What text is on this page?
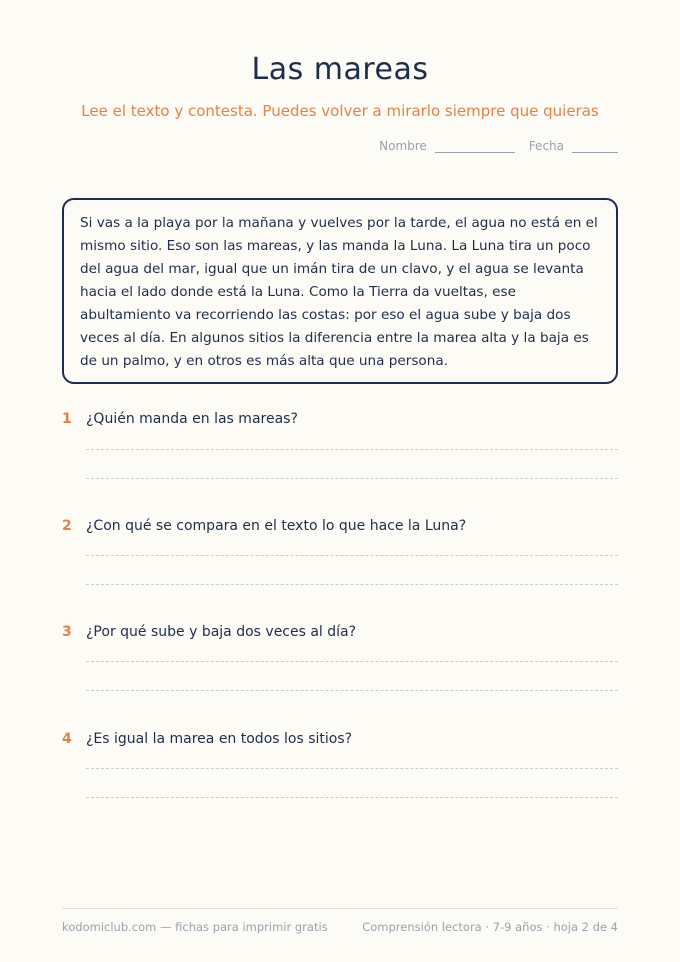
Las mareas
Lee el texto y contesta. Puedes volver a mirarlo siempre que quieras
Nombre	Fecha
Si vas a la playa por la mañana y vuelves por la tarde, el agua no está en el mismo sitio. Eso son las mareas, y las manda la Luna. La Luna tira un poco del agua del mar, igual que un imán tira de un clavo, y el agua se levanta hacia el lado donde está la Luna. Como la Tierra da vueltas, ese abultamiento va recorriendo las costas: por eso el agua sube y baja dos veces al día. En algunos sitios la diferencia entre la marea alta y la baja es de un palmo, y en otros es más alta que una persona.
1 ¿Quién manda en las mareas?
2 ¿Con qué se compara en el texto lo que hace la Luna?
3 ¿Por qué sube y baja dos veces al día?
4 ¿Es igual la marea en todos los sitios?
kodomiclub.com — fichas para imprimir gratis	Comprensión lectora · 7-9 años · hoja 2 de 4
